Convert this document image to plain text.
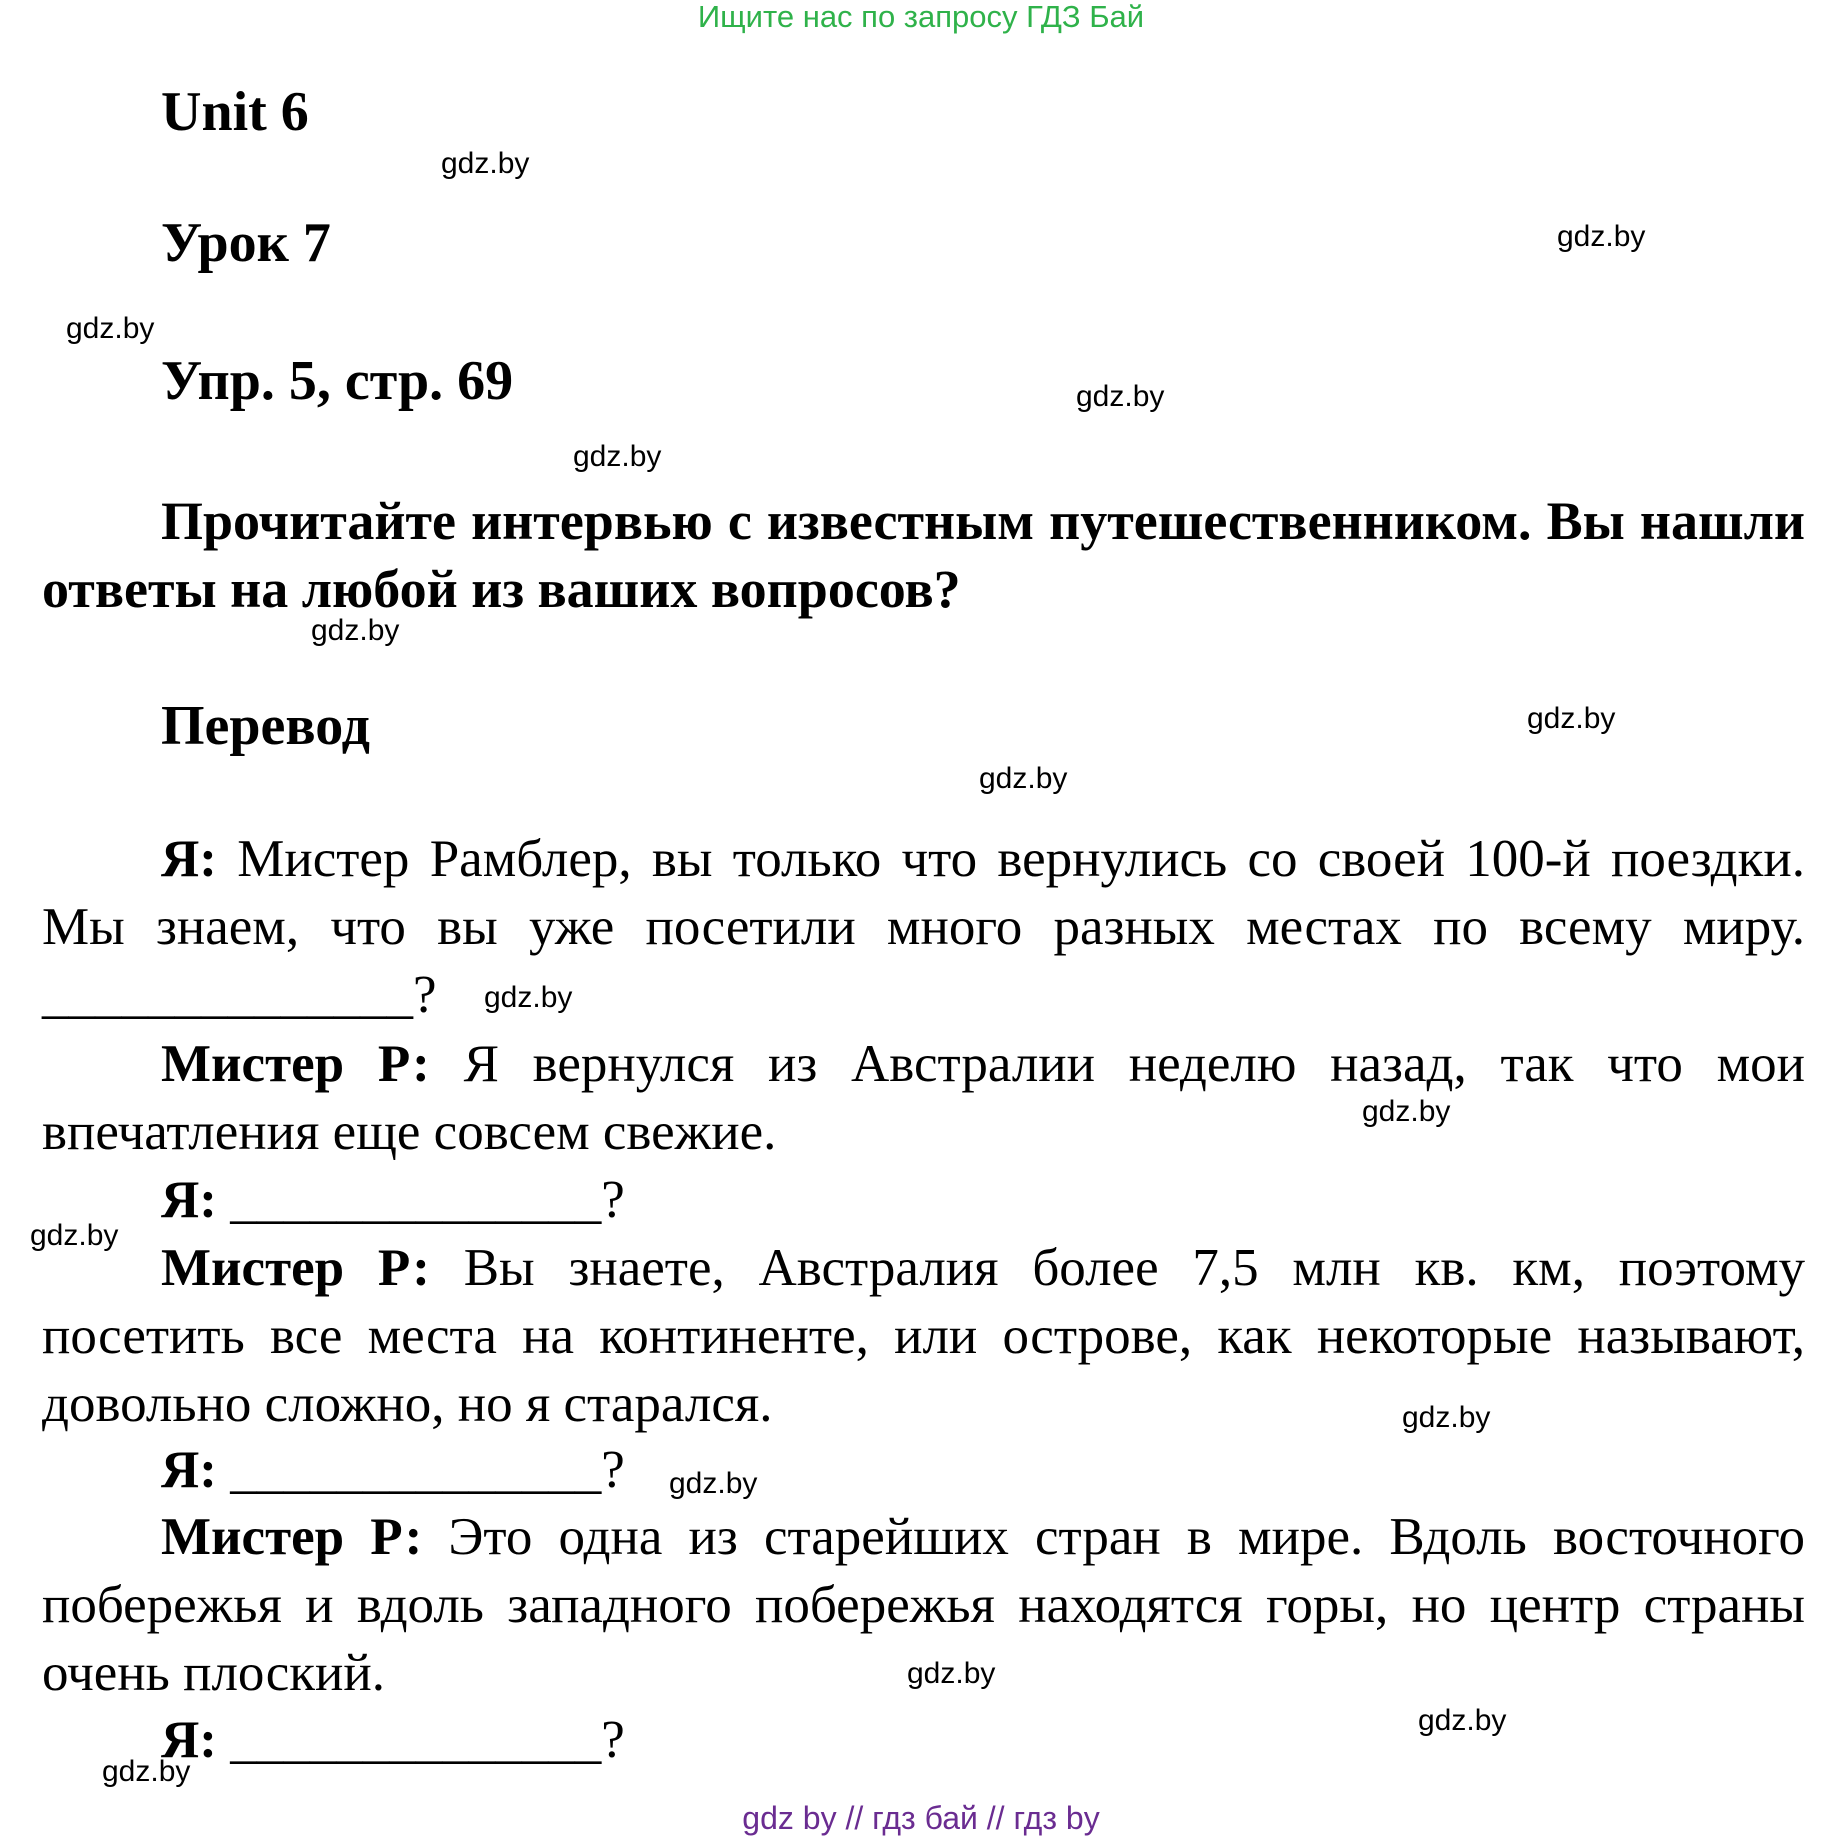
Ищите нас по запросу ГДЗ Бай
Unit 6
Урок 7
Упр. 5, стр. 69
Прочитайте интервью с известным путешественником. Вы нашли ответы на любой из ваших вопросов?
Перевод
Я: Мистер Рамблер, вы только что вернулись со своей 100-й поездки. Мы знаем, что вы уже посетили много разных местах по всему миру. ______________?
Мистер Р: Я вернулся из Австралии неделю назад, так что мои впечатления еще совсем свежие.
Я: ______________?
Мистер Р: Вы знаете, Австралия более 7,5 млн кв. км, поэтому посетить все места на континенте, или острове, как некоторые называют, довольно сложно, но я старался.
Я: ______________?
Мистер Р: Это одна из старейших стран в мире. Вдоль восточного побережья и вдоль западного побережья находятся горы, но центр страны очень плоский.
Я: ______________?
gdz.by
gdz.by
gdz.by
gdz.by
gdz.by
gdz.by
gdz.by
gdz.by
gdz.by
gdz.by
gdz.by
gdz.by
gdz.by
gdz.by
gdz.by
gdz.by
gdz by // гдз бай // гдз by
